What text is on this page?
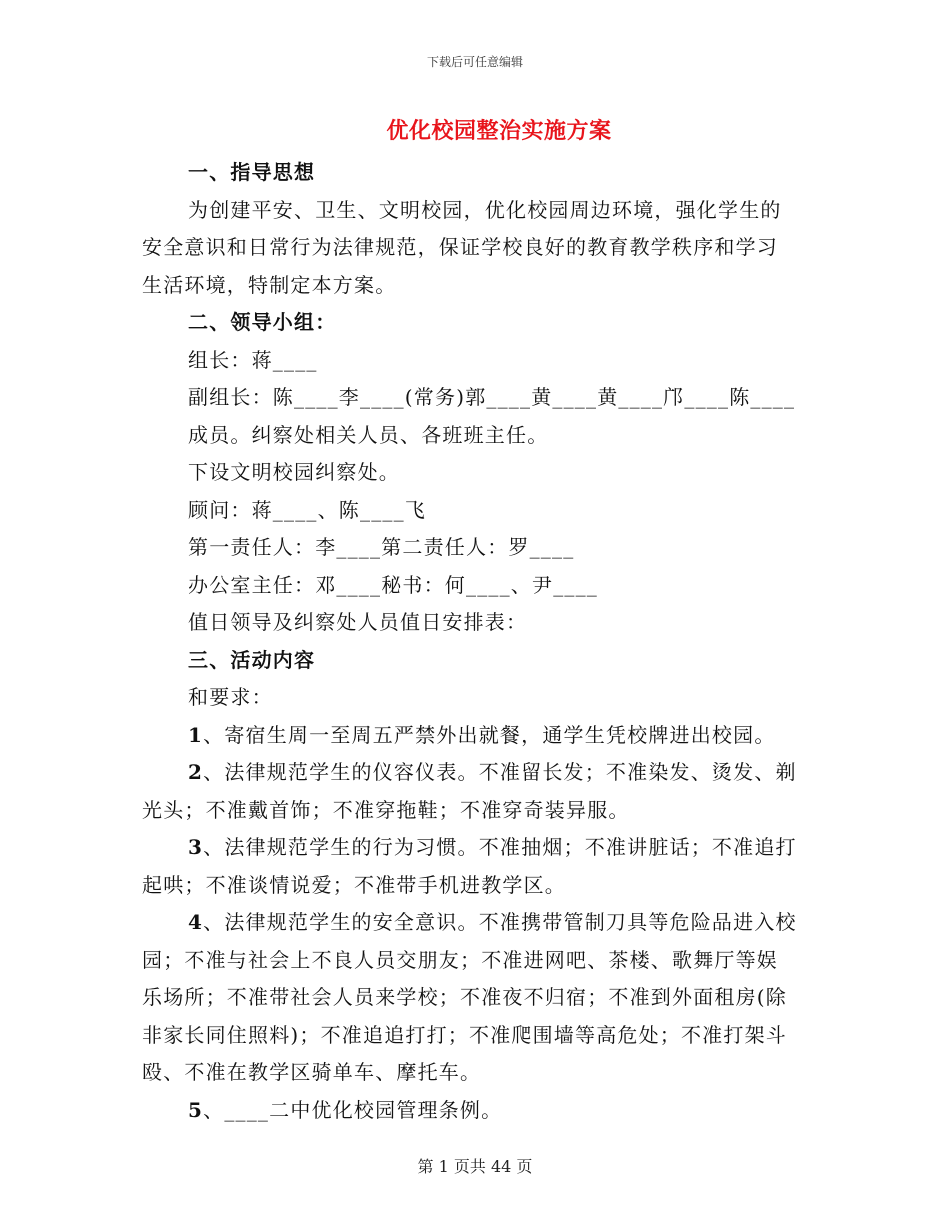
下载后可任意编辑
优化校园整治实施方案
一、指导思想
为创建平安、卫生、文明校园，优化校园周边环境，强化学生的
安全意识和日常行为法律规范，保证学校良好的教育教学秩序和学习
生活环境，特制定本方案。
二、领导小组：
组长：蒋____
副组长：陈____李____(常务)郭____黄____黄____邝____陈____
成员。纠察处相关人员、各班班主任。
下设文明校园纠察处。
顾问：蒋____、陈____飞
第一责任人：李____第二责任人：罗____
办公室主任：邓____秘书：何____、尹____
值日领导及纠察处人员值日安排表：
三、活动内容
和要求：
1、寄宿生周一至周五严禁外出就餐，通学生凭校牌进出校园。
2、法律规范学生的仪容仪表。不准留长发；不准染发、烫发、剃
光头；不准戴首饰；不准穿拖鞋；不准穿奇装异服。
3、法律规范学生的行为习惯。不准抽烟；不准讲脏话；不准追打
起哄；不准谈情说爱；不准带手机进教学区。
4、法律规范学生的安全意识。不准携带管制刀具等危险品进入校
园；不准与社会上不良人员交朋友；不准进网吧、茶楼、歌舞厅等娱
乐场所；不准带社会人员来学校；不准夜不归宿；不准到外面租房(除
非家长同住照料)；不准追追打打；不准爬围墙等高危处；不准打架斗
殴、不准在教学区骑单车、摩托车。
5、____二中优化校园管理条例。
第 1 页共 44 页
